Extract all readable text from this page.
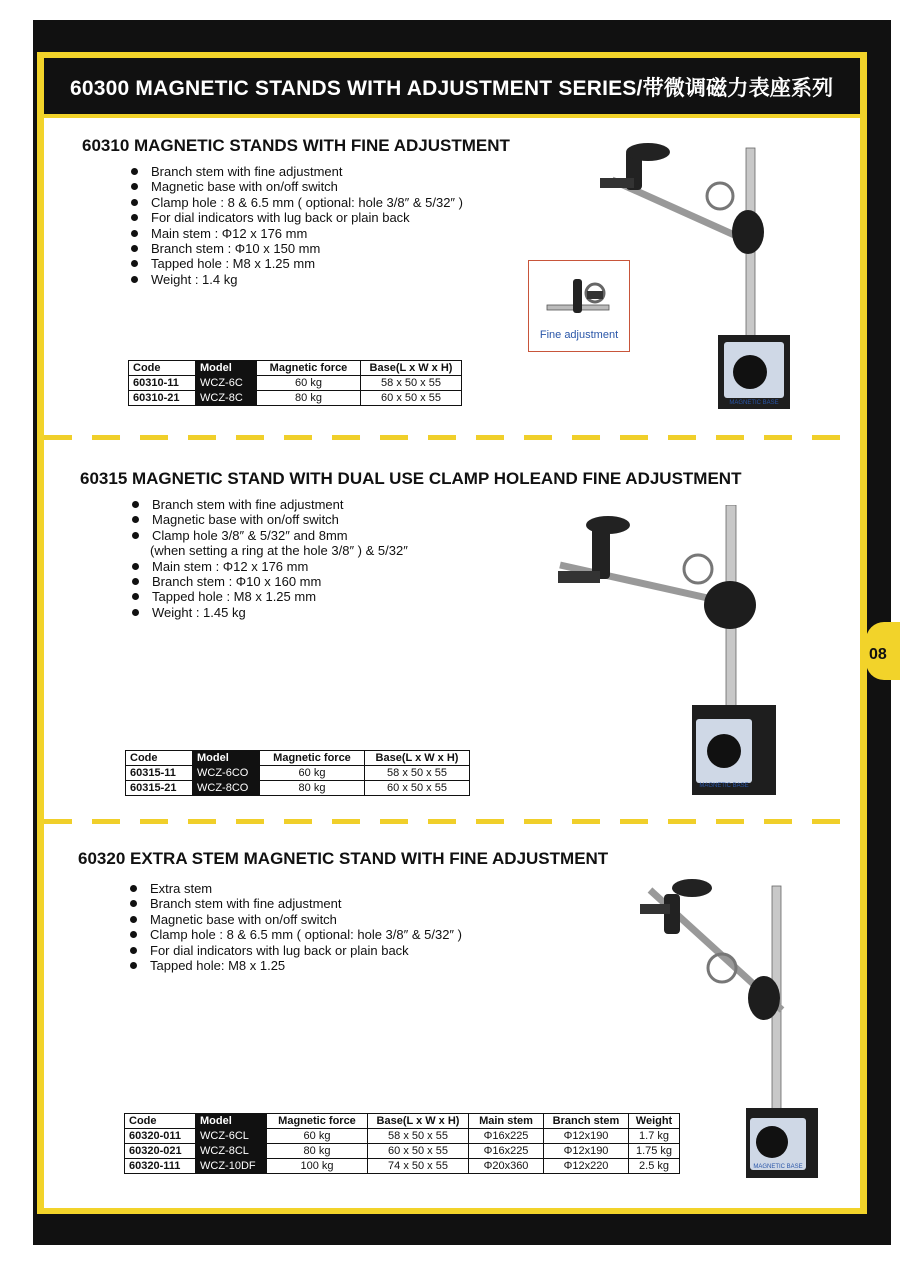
60300 MAGNETIC STANDS WITH ADJUSTMENT SERIES/带微调磁力表座系列
08
60310 MAGNETIC STANDS WITH FINE ADJUSTMENT
Branch stem with fine adjustment
Magnetic base with on/off switch
Clamp hole : 8 & 6.5 mm ( optional: hole 3/8″ & 5/32″ )
For dial indicators with lug back or plain back
Main stem : Φ12 x 176 mm
Branch stem : Φ10 x 150 mm
Tapped hole : M8 x 1.25 mm
Weight : 1.4 kg
Fine adjustment
MAGNETIC BASE
Code	Model	Magnetic force	Base(L x W x H)
60310-11	WCZ-6C	60 kg	58 x 50 x 55
60310-21	WCZ-8C	80 kg	60 x 50 x 55
60315 MAGNETIC STAND WITH DUAL USE CLAMP HOLEAND FINE ADJUSTMENT
Branch stem with fine adjustment
Magnetic base with on/off switch
Clamp hole 3/8″ & 5/32″ and 8mm
(when setting a ring at the hole 3/8″ ) & 5/32″
Main stem : Φ12 x 176 mm
Branch stem : Φ10 x 160 mm
Tapped hole : M8 x 1.25 mm
Weight : 1.45 kg
MAGNETIC BASE
Code	Model	Magnetic force	Base(L x W x H)
60315-11	WCZ-6CO	60 kg	58 x 50 x 55
60315-21	WCZ-8CO	80 kg	60 x 50 x 55
60320 EXTRA STEM MAGNETIC STAND WITH FINE ADJUSTMENT
Extra stem
Branch stem with fine adjustment
Magnetic base with on/off switch
Clamp hole : 8 & 6.5 mm ( optional: hole 3/8″ & 5/32″ )
For dial indicators with lug back or plain back
Tapped hole: M8 x 1.25
MAGNETIC BASE
Code	Model	Magnetic force	Base(L x W x H)	Main stem	Branch stem	Weight
60320-011	WCZ-6CL	60 kg	58 x 50 x 55	Φ16x225	Φ12x190	1.7 kg
60320-021	WCZ-8CL	80 kg	60 x 50 x 55	Φ16x225	Φ12x190	1.75 kg
60320-111	WCZ-10DF	100 kg	74 x 50 x 55	Φ20x360	Φ12x220	2.5 kg
